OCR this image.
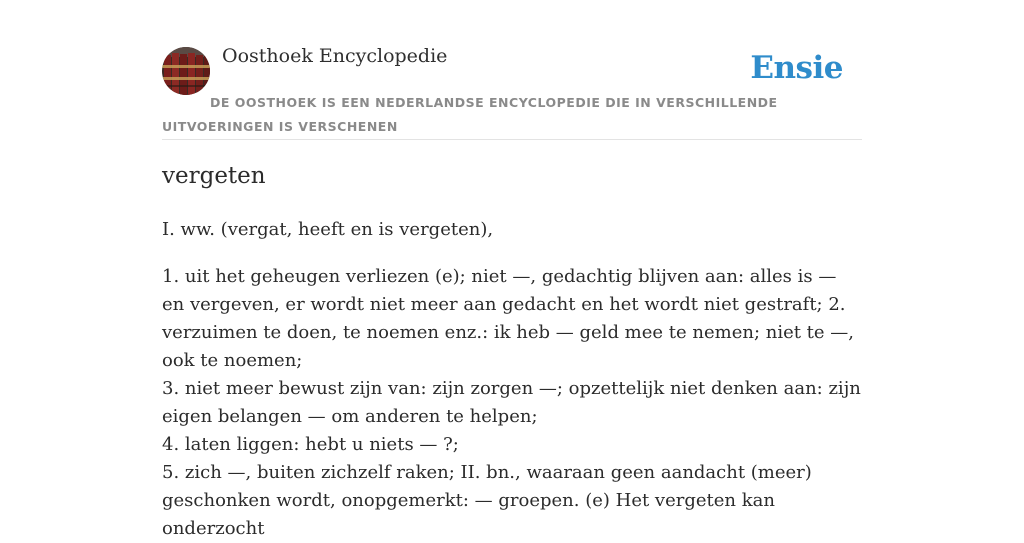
Oosthoek Encyclopedie	Ensie
DE OOSTHOEK IS EEN NEDERLANDSE ENCYCLOPEDIE DIE IN VERSCHILLENDE UITVOERINGEN IS VERSCHENEN
vergeten

I. ww. (vergat, heeft en is vergeten),

1. uit het geheugen verliezen (e); niet —, gedachtig blijven aan: alles is — en vergeven, er wordt niet meer aan gedacht en het wordt niet gestraft; 2. verzuimen te doen, te noemen enz.: ik heb — geld mee te nemen; niet te —, ook te noemen;
3. niet meer bewust zijn van: zijn zorgen —; opzettelijk niet denken aan: zijn eigen belangen — om anderen te helpen;
4. laten liggen: hebt u niets — ?;
5. zich —, buiten zichzelf raken; II. bn., waaraan geen aandacht (meer) geschonken wordt, onopgemerkt: — groepen. (e) Het vergeten kan onderzocht
